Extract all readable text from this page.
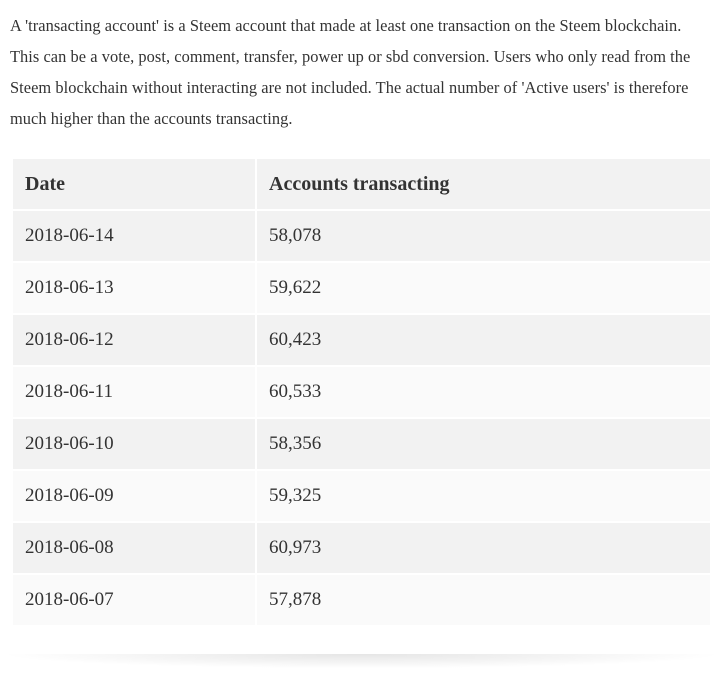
A 'transacting account' is a Steem account that made at least one transaction on the Steem blockchain. This can be a vote, post, comment, transfer, power up or sbd conversion. Users who only read from the Steem blockchain without interacting are not included. The actual number of 'Active users' is therefore much higher than the accounts transacting.

Date	Accounts transacting
2018-06-14	58,078
2018-06-13	59,622
2018-06-12	60,423
2018-06-11	60,533
2018-06-10	58,356
2018-06-09	59,325
2018-06-08	60,973
2018-06-07	57,878
